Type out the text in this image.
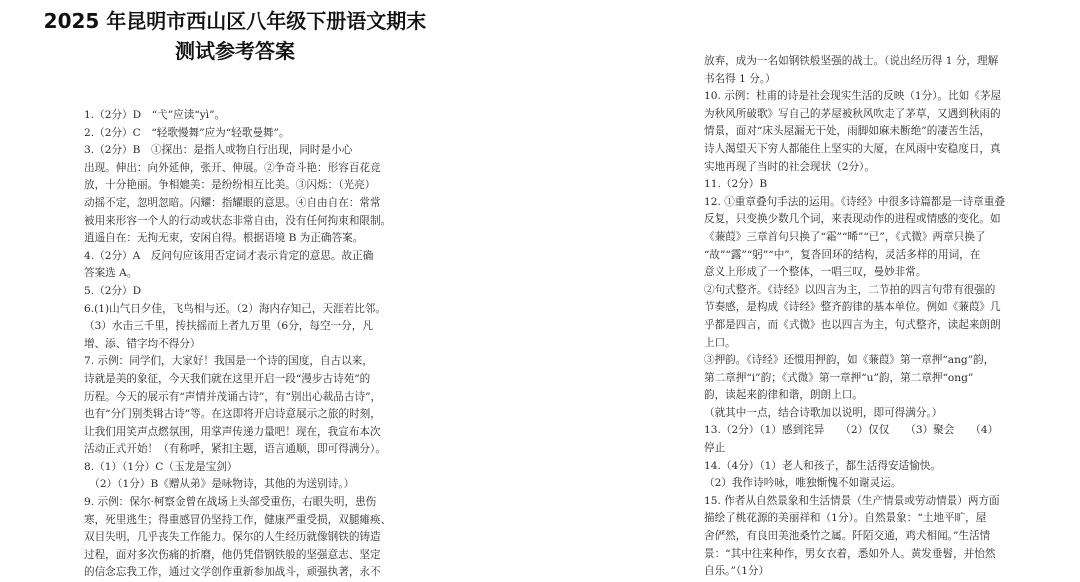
2025 年昆明市西山区八年级下册语文期末
测试参考答案
1.（2分）D　“弋”应读“yì”。
2.（2分）C　“轻歌慢舞”应为“轻歌曼舞”。
3.（2分）B　①探出：是指人或物自行出现，同时是小心
出现。伸出：向外延伸，张开、伸展。②争奇斗艳：形容百花竞
放，十分艳丽。争相媲美：是纷纷相互比美。③闪烁：（光亮）
动摇不定，忽明忽暗。闪耀：指耀眼的意思。④自由自在：常常
被用来形容一个人的行动或状态非常自由，没有任何拘束和限制。
逍遥自在：无拘无束，安闲自得。根据语境 B 为正确答案。
4.（2分）A　反问句应该用否定词才表示肯定的意思。故正确
答案选 A。
5.（2分）D
6.(1)山气日夕佳，飞鸟相与还。（2）海内存知己，天涯若比邻。
（3）水击三千里，抟扶摇而上者九万里（6分，每空一分，凡
增、添、错字均不得分）
7. 示例：同学们，大家好！我国是一个诗的国度，自古以来，
诗就是美的象征，今天我们就在这里开启一段“漫步古诗苑”的
历程。今天的展示有“声情并茂诵古诗”，有“别出心裁品古诗”，
也有“分门别类辑古诗”等。在这即将开启诗意展示之旅的时刻，
让我们用笑声点燃氛围，用掌声传递力量吧！现在，我宣布本次
活动正式开始！（有称呼，紧扣主题，语言通顺，即可得满分）。
8.（1）（1分）C（玉龙是宝剑）
　（2）（1分）B《赠从弟》是咏物诗，其他的为送别诗。）
9. 示例：保尔·柯察金曾在战场上头部受重伤，右眼失明，患伤
寒，死里逃生；得重感冒仍坚持工作，健康严重受损，双腿瘫痪、
双目失明，几乎丧失工作能力。保尔的人生经历就像钢铁的铸造
过程，面对多次伤痛的折磨，他仍凭借钢铁般的坚强意志、坚定
的信念忘我工作，通过文学创作重新参加战斗，顽强执著，永不
放弃，成为一名如钢铁般坚强的战士。（说出经历得 1 分，理解
书名得 1 分。）
10. 示例：杜甫的诗是社会现实生活的反映（1分）。比如《茅屋
为秋风所破歌》写自己的茅屋被秋风吹走了茅草，又遇到秋雨的
情景，面对“床头屋漏无干处，雨脚如麻未断绝”的凄苦生活，
诗人渴望天下穷人都能住上坚实的大厦，在风雨中安稳度日，真
实地再现了当时的社会现状（2分）。
11.（2分）B
12. ①重章叠句手法的运用。《诗经》中很多诗篇都是一诗章重叠
反复，只变换少数几个词，来表现动作的进程或情感的变化。如
《蒹葭》三章首句只换了“霜”“晞”“已”，《式微》两章只换了
“故”“露”“躬”“中”，复沓回环的结构，灵活多样的用词，在
意义上形成了一个整体，一唱三叹，曼妙非常。
②句式整齐。《诗经》以四言为主，二节拍的四言句带有很强的
节奏感，是构成《诗经》整齐韵律的基本单位。例如《蒹葭》几
乎都是四言，而《式微》也以四言为主，句式整齐，读起来朗朗
上口。
③押韵。《诗经》还惯用押韵，如《蒹葭》第一章押“ang”韵，
第二章押“i”韵；《式微》第一章押“u”韵，第二章押“ong”
韵，读起来韵律和谐，朗朗上口。
（就其中一点，结合诗歌加以说明，即可得满分。）
13.（2分）（1）感到诧异　　（2）仅仅　　（3）聚会　　（4）
停止
14.（4分）（1）老人和孩子，都生活得安适愉快。
（2）我作诗吟咏，唯独惭愧不如谢灵运。
15. 作者从自然景象和生活情景（生产情景或劳动情景）两方面
描绘了桃花源的美丽祥和（1分）。自然景象：“土地平旷，屋
舍俨然，有良田美池桑竹之属。阡陌交通，鸡犬相闻。”生活情
景：“其中往来种作，男女衣着，悉如外人。黄发垂髫，并怡然
自乐。”（1分）
